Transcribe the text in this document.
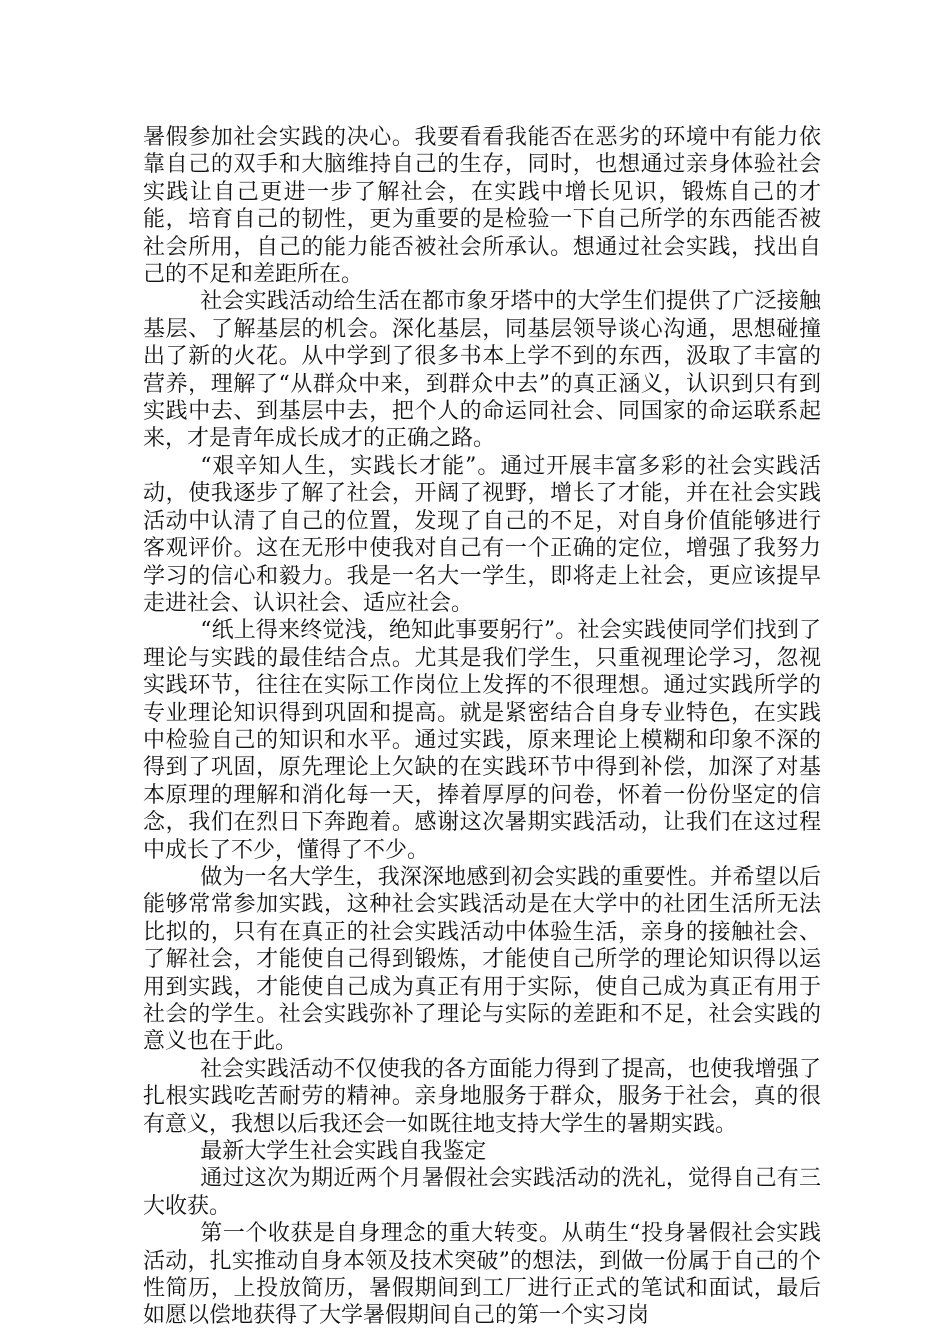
暑假参加社会实践的决心。我要看看我能否在恶劣的环境中有能力依靠自己的双手和大脑维持自己的生存，同时，也想通过亲身体验社会实践让自己更进一步了解社会，在实践中增长见识，锻炼自己的才能，培育自己的韧性，更为重要的是检验一下自己所学的东西能否被社会所用，自己的能力能否被社会所承认。想通过社会实践，找出自己的不足和差距所在。

社会实践活动给生活在都市象牙塔中的大学生们提供了广泛接触基层、了解基层的机会。深化基层，同基层领导谈心沟通，思想碰撞出了新的火花。从中学到了很多书本上学不到的东西，汲取了丰富的营养，理解了“从群众中来，到群众中去”的真正涵义，认识到只有到实践中去、到基层中去，把个人的命运同社会、同国家的命运联系起来，才是青年成长成才的正确之路。

“艰辛知人生，实践长才能”。通过开展丰富多彩的社会实践活动，使我逐步了解了社会，开阔了视野，增长了才能，并在社会实践活动中认清了自己的位置，发现了自己的不足，对自身价值能够进行客观评价。这在无形中使我对自己有一个正确的定位，增强了我努力学习的信心和毅力。我是一名大一学生，即将走上社会，更应该提早走进社会、认识社会、适应社会。

“纸上得来终觉浅，绝知此事要躬行”。社会实践使同学们找到了理论与实践的最佳结合点。尤其是我们学生，只重视理论学习，忽视实践环节，往往在实际工作岗位上发挥的不很理想。通过实践所学的专业理论知识得到巩固和提高。就是紧密结合自身专业特色，在实践中检验自己的知识和水平。通过实践，原来理论上模糊和印象不深的得到了巩固，原先理论上欠缺的在实践环节中得到补偿，加深了对基本原理的理解和消化每一天，捧着厚厚的问卷，怀着一份份坚定的信念，我们在烈日下奔跑着。感谢这次暑期实践活动，让我们在这过程中成长了不少，懂得了不少。

做为一名大学生，我深深地感到初会实践的重要性。并希望以后能够常常参加实践，这种社会实践活动是在大学中的社团生活所无法比拟的，只有在真正的社会实践活动中体验生活，亲身的接触社会、了解社会，才能使自己得到锻炼，才能使自己所学的理论知识得以运用到实践，才能使自己成为真正有用于实际，使自己成为真正有用于社会的学生。社会实践弥补了理论与实际的差距和不足，社会实践的意义也在于此。

社会实践活动不仅使我的各方面能力得到了提高，也使我增强了扎根实践吃苦耐劳的精神。亲身地服务于群众，服务于社会，真的很有意义，我想以后我还会一如既往地支持大学生的暑期实践。

最新大学生社会实践自我鉴定

通过这次为期近两个月暑假社会实践活动的洗礼，觉得自己有三大收获。

第一个收获是自身理念的重大转变。从萌生“投身暑假社会实践活动，扎实推动自身本领及技术突破”的想法，到做一份属于自己的个性简历，上投放简历，暑假期间到工厂进行正式的笔试和面试，最后如愿以偿地获得了大学暑假期间自己的第一个实习岗
